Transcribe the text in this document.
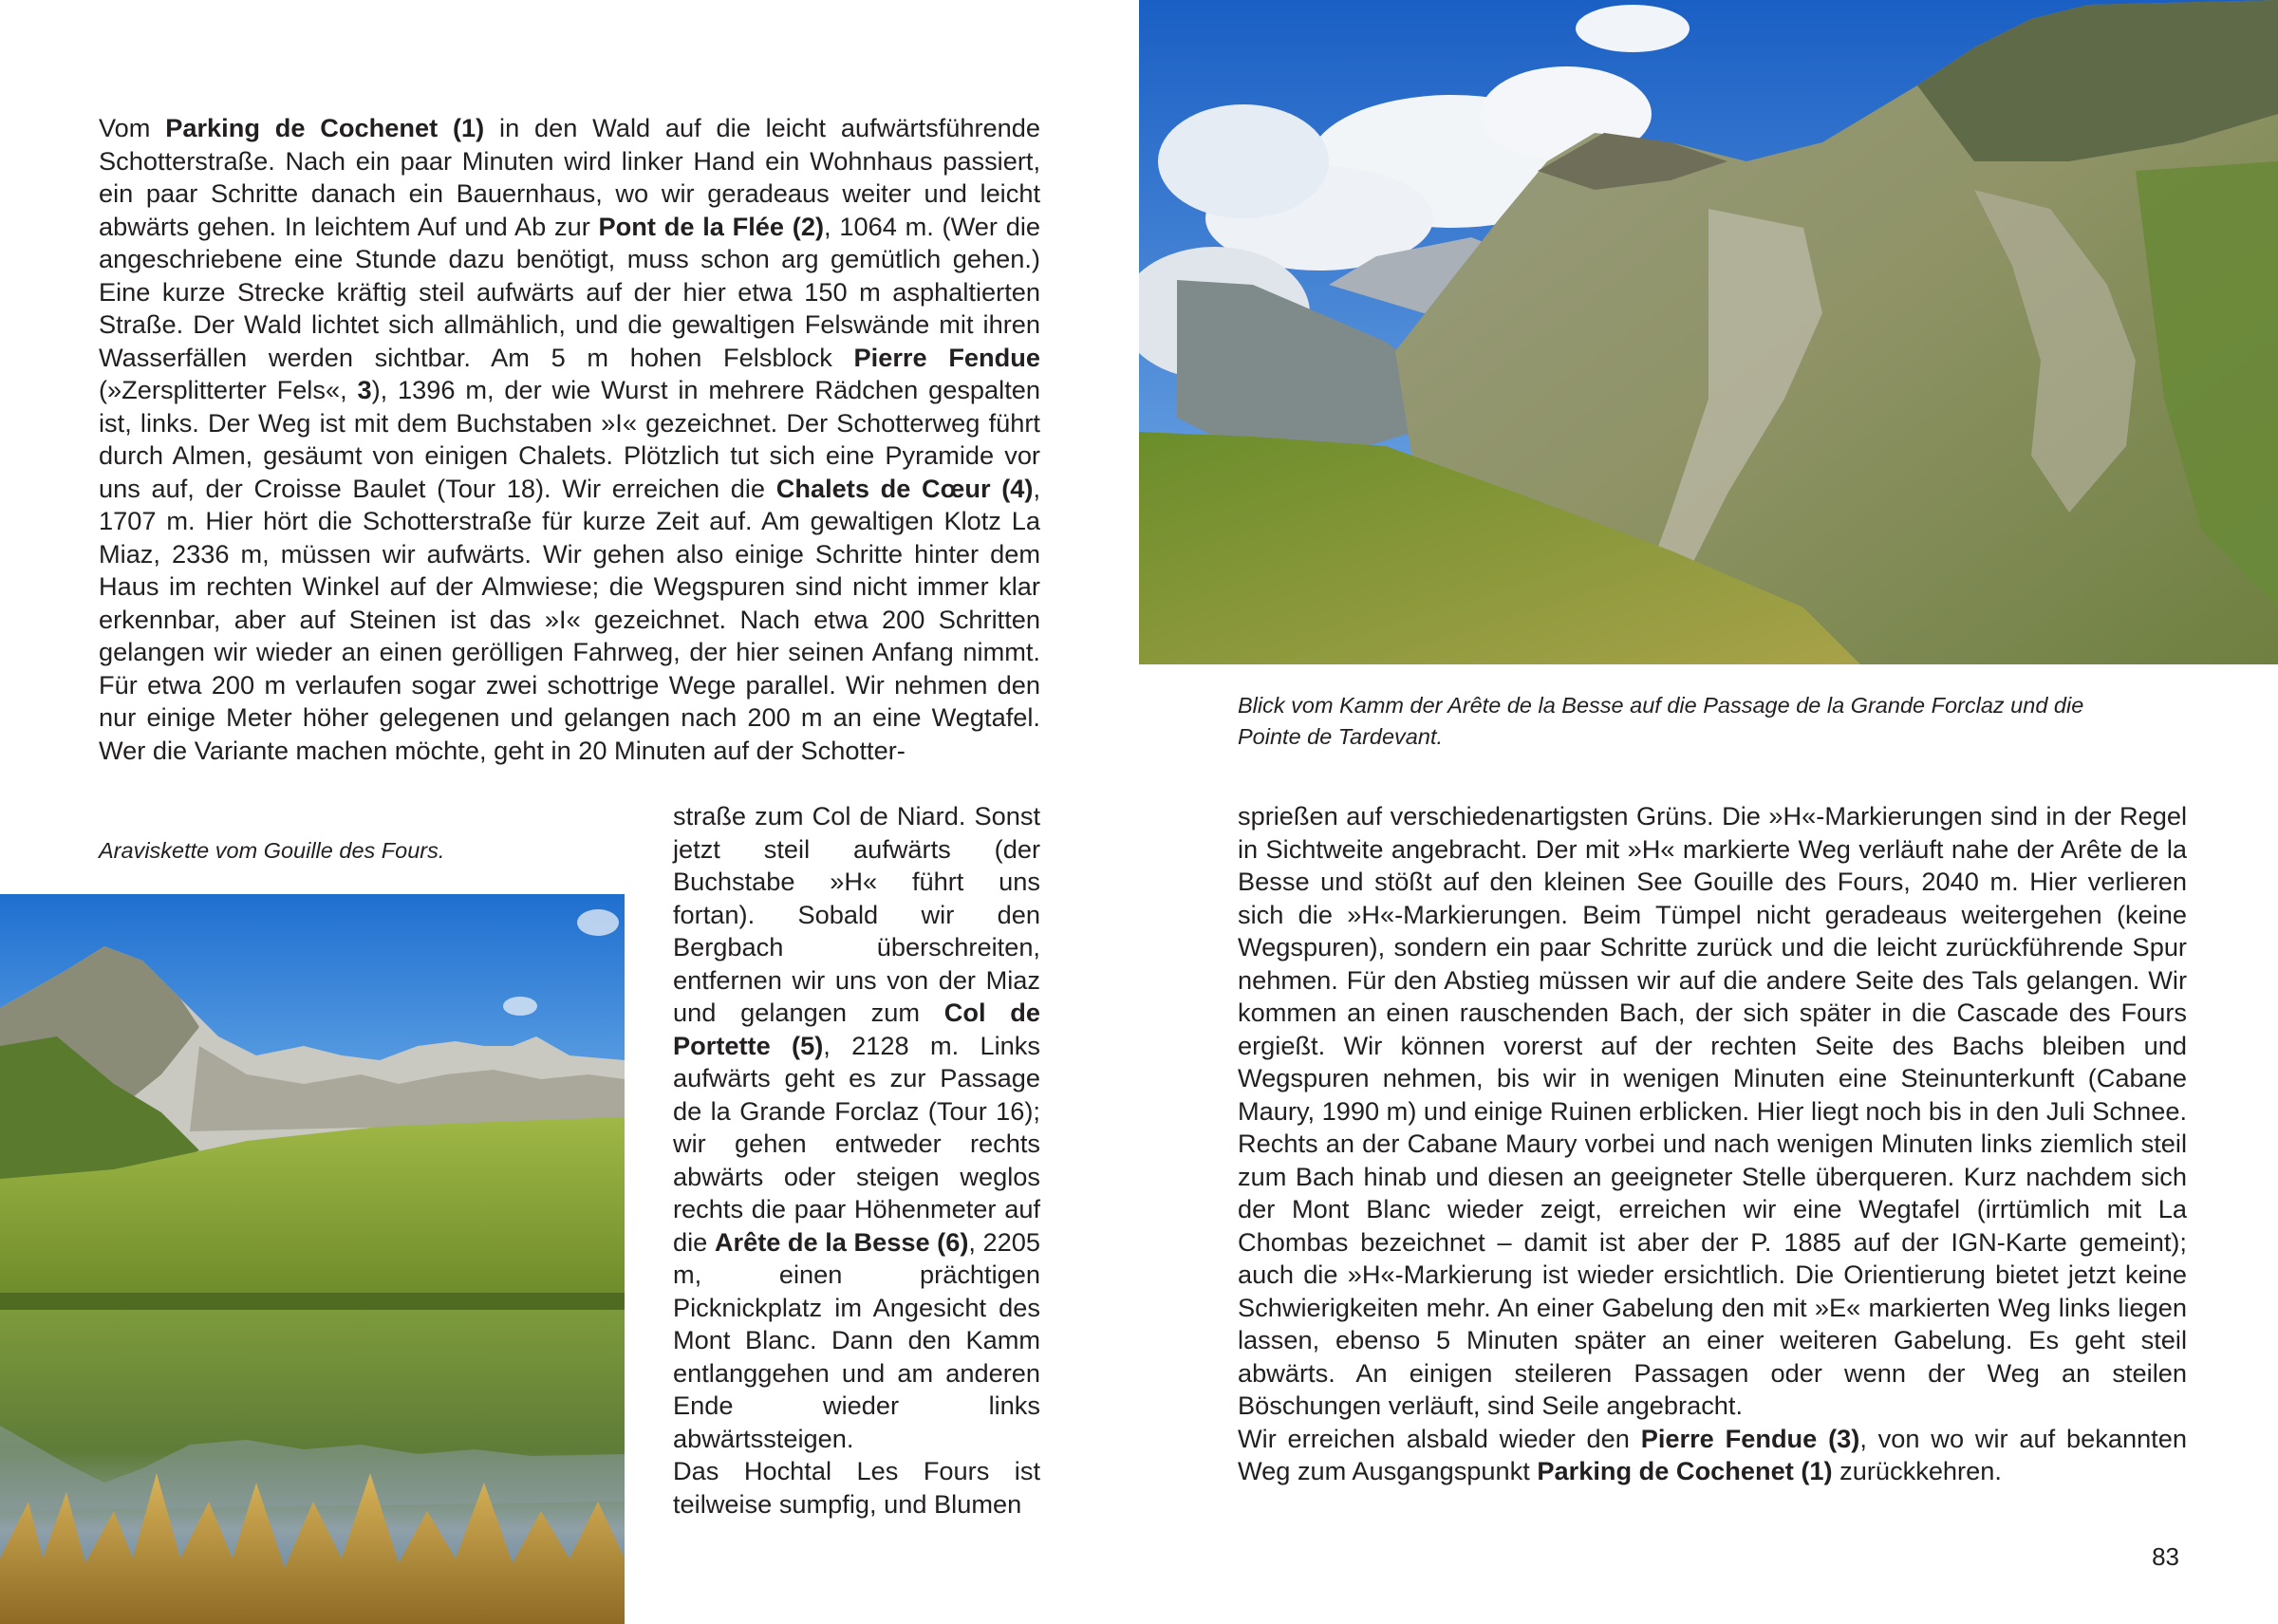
Vom Parking de Cochenet (1) in den Wald auf die leicht aufwärtsführende Schotterstraße. Nach ein paar Minuten wird linker Hand ein Wohnhaus passiert, ein paar Schritte danach ein Bauernhaus, wo wir geradeaus weiter und leicht abwärts gehen. In leichtem Auf und Ab zur Pont de la Flée (2), 1064 m. (Wer die angeschriebene eine Stunde dazu benötigt, muss schon arg gemütlich gehen.) Eine kurze Strecke kräftig steil aufwärts auf der hier etwa 150 m asphaltierten Straße. Der Wald lichtet sich allmählich, und die gewaltigen Felswände mit ihren Wasserfällen werden sichtbar. Am 5 m hohen Felsblock Pierre Fendue (»Zersplitterter Fels«, 3), 1396 m, der wie Wurst in mehrere Rädchen gespalten ist, links. Der Weg ist mit dem Buchstaben »I« gezeichnet. Der Schotterweg führt durch Almen, gesäumt von einigen Chalets. Plötzlich tut sich eine Pyramide vor uns auf, der Croisse Baulet (Tour 18). Wir erreichen die Chalets de Cœur (4), 1707 m. Hier hört die Schotterstraße für kurze Zeit auf. Am gewaltigen Klotz La Miaz, 2336 m, müssen wir aufwärts. Wir gehen also einige Schritte hinter dem Haus im rechten Winkel auf der Almwiese; die Wegspuren sind nicht immer klar erkennbar, aber auf Steinen ist das »I« gezeichnet. Nach etwa 200 Schritten gelangen wir wieder an einen gerölligen Fahrweg, der hier seinen Anfang nimmt. Für etwa 200 m verlaufen sogar zwei schottrige Wege parallel. Wir nehmen den nur einige Meter höher gelegenen und gelangen nach 200 m an eine Wegtafel. Wer die Variante machen möchte, geht in 20 Minuten auf der Schotter-
Araviskette vom Gouille des Fours.
straße zum Col de Niard. Sonst jetzt steil aufwärts (der Buchstabe »H« führt uns fortan). Sobald wir den Bergbach überschreiten, entfernen wir uns von der Miaz und gelangen zum Col de Portette (5), 2128 m. Links aufwärts geht es zur Passage de la Grande Forclaz (Tour 16); wir gehen entweder rechts abwärts oder steigen weglos rechts die paar Höhenmeter auf die Arête de la Besse (6), 2205 m, einen prächtigen Picknickplatz im Angesicht des Mont Blanc. Dann den Kamm entlanggehen und am anderen Ende wieder links abwärtssteigen.
Das Hochtal Les Fours ist teilweise sumpfig, und Blumen
Blick vom Kamm der Arête de la Besse auf die Passage de la Grande Forclaz und die
Pointe de Tardevant.
sprießen auf verschiedenartigsten Grüns. Die »H«-Markierungen sind in der Regel in Sichtweite angebracht. Der mit »H« markierte Weg verläuft nahe der Arête de la Besse und stößt auf den kleinen See Gouille des Fours, 2040 m. Hier verlieren sich die »H«-Markierungen. Beim Tümpel nicht geradeaus weitergehen (keine Wegspuren), sondern ein paar Schritte zurück und die leicht zurückführende Spur nehmen. Für den Abstieg müssen wir auf die andere Seite des Tals gelangen. Wir kommen an einen rauschenden Bach, der sich später in die Cascade des Fours ergießt. Wir können vorerst auf der rechten Seite des Bachs bleiben und Wegspuren nehmen, bis wir in wenigen Minuten eine Steinunterkunft (Cabane Maury, 1990 m) und einige Ruinen erblicken. Hier liegt noch bis in den Juli Schnee. Rechts an der Cabane Maury vorbei und nach wenigen Minuten links ziemlich steil zum Bach hinab und diesen an geeigneter Stelle überqueren. Kurz nachdem sich der Mont Blanc wieder zeigt, erreichen wir eine Wegtafel (irrtümlich mit La Chombas bezeichnet – damit ist aber der P. 1885 auf der IGN-Karte gemeint); auch die »H«-Markierung ist wieder ersichtlich. Die Orientierung bietet jetzt keine Schwierigkeiten mehr. An einer Gabelung den mit »E« markierten Weg links liegen lassen, ebenso 5 Minuten später an einer weiteren Gabelung. Es geht steil abwärts. An einigen steileren Passagen oder wenn der Weg an steilen Böschungen verläuft, sind Seile angebracht.
Wir erreichen alsbald wieder den Pierre Fendue (3), von wo wir auf bekannten Weg zum Ausgangspunkt Parking de Cochenet (1) zurückkehren.
83
